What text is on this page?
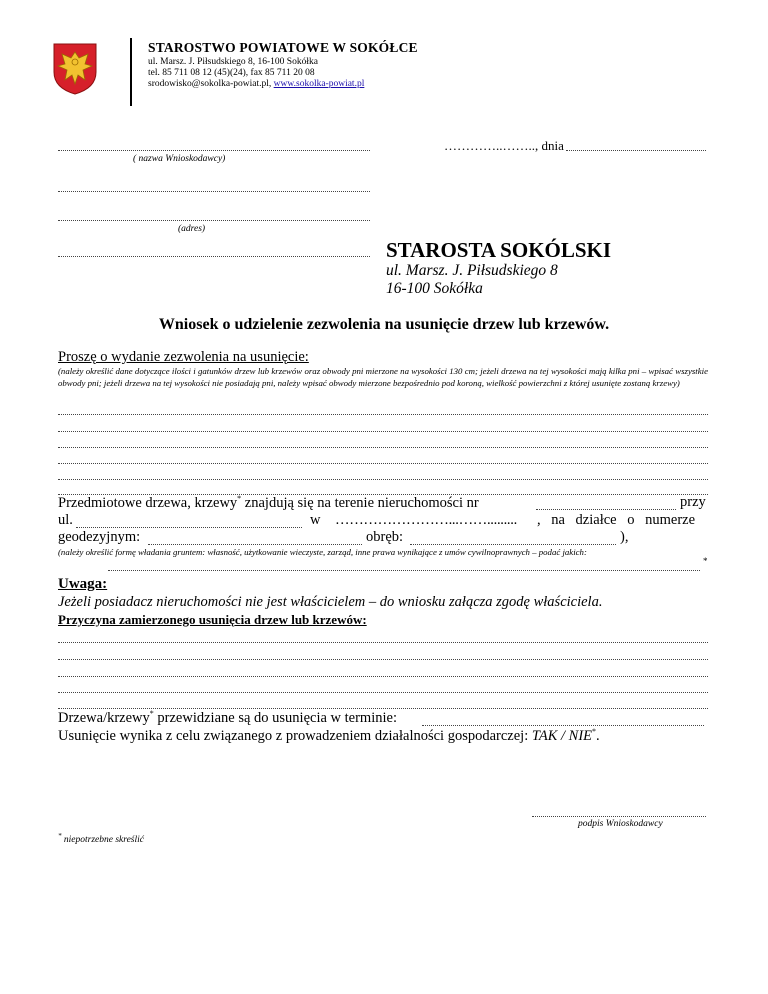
STAROSTWO POWIATOWE W SOKÓŁCE
ul. Marsz. J. Piłsudskiego 8, 16-100 Sokółka
tel. 85 711 08 12 (45)(24), fax 85 711 20 08
srodowisko@sokolka-powiat.pl, www.sokolka-powiat.pl
( nazwa Wnioskodawcy)
(adres)
…………..…….., dnia
STAROSTA SOKÓLSKI
ul. Marsz. J. Piłsudskiego 8
16-100 Sokółka
Wniosek o udzielenie zezwolenia na usunięcie drzew lub krzewów.
Proszę o wydanie zezwolenia na usunięcie:
(należy określić dane dotyczące ilości i gatunków drzew lub krzewów oraz obwody pni mierzone na wysokości 130 cm; jeżeli drzewa na tej wysokości mają kilka pni – wpisać wszystkie obwody pni; jeżeli drzewa na tej wysokości nie posiadają pni, należy wpisać obwody mierzone bezpośrednio pod koroną, wielkość powierzchni z której usunięte zostaną krzewy)
Przedmiotowe drzewa, krzewy* znajdują się na terenie nieruchomości nr	przy
ul.	w ……………………...……......... , na działce o numerze
geodezyjnym:	obręb:	),
(należy określić formę władania gruntem: własność, użytkowanie wieczyste, zarząd, inne prawa wynikające z umów cywilnoprawnych – podać jakich:
*
Uwaga:
Jeżeli posiadacz nieruchomości nie jest właścicielem – do wniosku załącza zgodę właściciela.
Przyczyna zamierzonego usunięcia drzew lub krzewów:
Drzewa/krzewy* przewidziane są do usunięcia w terminie:
Usunięcie wynika z celu związanego z prowadzeniem działalności gospodarczej: TAK / NIE*.
podpis Wnioskodawcy
* niepotrzebne skreślić
